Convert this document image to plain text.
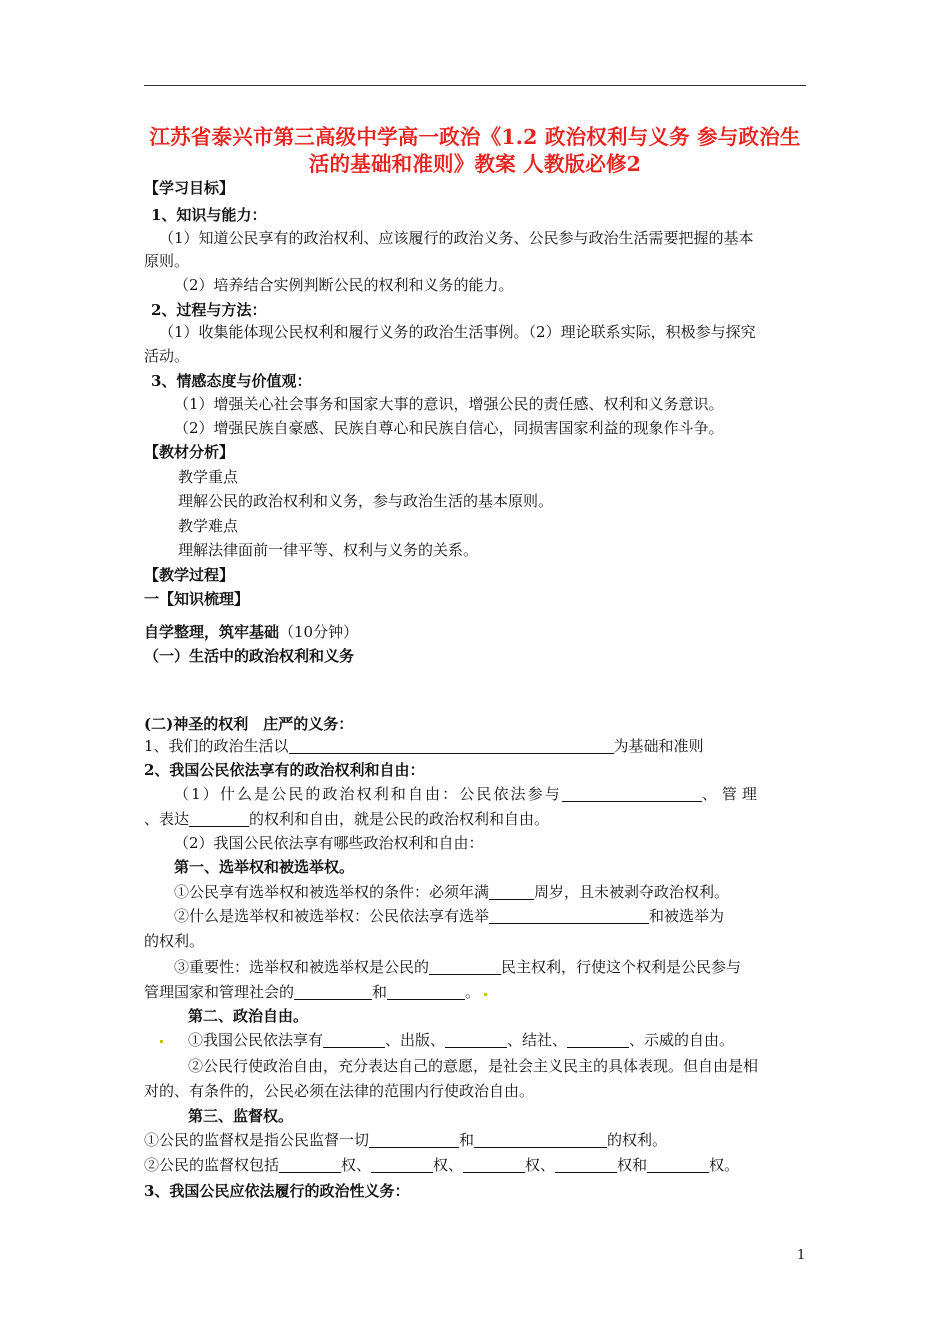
江苏省泰兴市第三高级中学高一政治《1.2 政治权利与义务 参与政治生活的基础和准则》教案 人教版必修2
【学习目标】
1、知识与能力：
（1）知道公民享有的政治权利、应该履行的政治义务、公民参与政治生活需要把握的基本
原则。
（2）培养结合实例判断公民的权利和义务的能力。
2、过程与方法：
（1）收集能体现公民权利和履行义务的政治生活事例。（2）理论联系实际，积极参与探究
活动。
3、情感态度与价值观：
（1）增强关心社会事务和国家大事的意识，增强公民的责任感、权利和义务意识。
（2）增强民族自豪感、民族自尊心和民族自信心，同损害国家利益的现象作斗争。
【教材分析】
教学重点
理解公民的政治权利和义务，参与政治生活的基本原则。
教学难点
理解法律面前一律平等、权利与义务的关系。
【教学过程】
一【知识梳理】
自学整理，筑牢基础（10分钟）
（一）生活中的政治权利和义务
(二)神圣的权利　庄严的义务：
1、我们的政治生活以	为基础和准则
2、我国公民依法享有的政治权利和自由：
（1）什么是公民的政治权利和自由：公民依法参与	、管理
、表达	的权利和自由，就是公民的政治权利和自由。
（2）我国公民依法享有哪些政治权利和自由：
第一、选举权和被选举权。
①公民享有选举权和被选举权的条件：必须年满	周岁，且未被剥夺政治权利。
②什么是选举权和被选举权：公民依法享有选举	和被选举为
的权利。
③重要性：选举权和被选举权是公民的	民主权利，行使这个权利是公民参与
管理国家和管理社会的	和	。
第二、政治自由。
①我国公民依法享有	、出版、	、结社、	、示威的自由。
②公民行使政治自由，充分表达自己的意愿，是社会主义民主的具体表现。但自由是相
对的、有条件的，公民必须在法律的范围内行使政治自由。
第三、监督权。
①公民的监督权是指公民监督一切	和	的权利。
②公民的监督权包括	权、	权、	权、	权和	权。
3、我国公民应依法履行的政治性义务：
1
